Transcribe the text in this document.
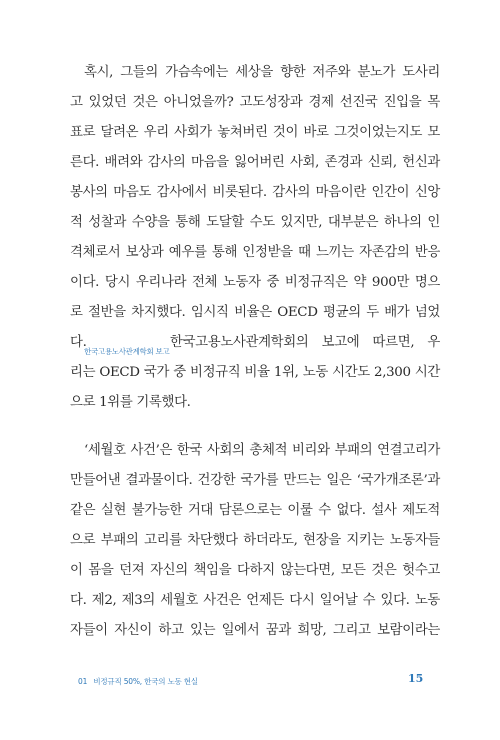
혹시, 그들의 가슴속에는 세상을 향한 저주와 분노가 도사리
고 있었던 것은 아니었을까? 고도성장과 경제 선진국 진입을 목
표로 달려온 우리 사회가 놓쳐버린 것이 바로 그것이었는지도 모
른다. 배려와 감사의 마음을 잃어버린 사회, 존경과 신뢰, 헌신과
봉사의 마음도 감사에서 비롯된다. 감사의 마음이란 인간이 신앙
적 성찰과 수양을 통해 도달할 수도 있지만, 대부분은 하나의 인
격체로서 보상과 예우를 통해 인정받을 때 느끼는 자존감의 반응
이다. 당시 우리나라 전체 노동자 중 비정규직은 약 900만 명으
로 절반을 차지했다. 임시직 비율은 OECD 평균의 두 배가 넘었
다.	한국고용노사관계학회의 보고에 따르면, 우
리는 OECD 국가 중 비정규직 비율 1위, 노동 시간도 2,300 시간
으로 1위를 기록했다.
한국고용노사관계학회 보고
‘세월호 사건’은 한국 사회의 총체적 비리와 부패의 연결고리가
만들어낸 결과물이다. 건강한 국가를 만드는 일은 ‘국가개조론’과
같은 실현 불가능한 거대 담론으로는 이룰 수 없다. 설사 제도적
으로 부패의 고리를 차단했다 하더라도, 현장을 지키는 노동자들
이 몸을 던져 자신의 책임을 다하지 않는다면, 모든 것은 헛수고
다. 제2, 제3의 세월호 사건은 언제든 다시 일어날 수 있다. 노동
자들이 자신이 하고 있는 일에서 꿈과 희망, 그리고 보람이라는
01 비정규직 50%, 한국의 노동 현실	15
